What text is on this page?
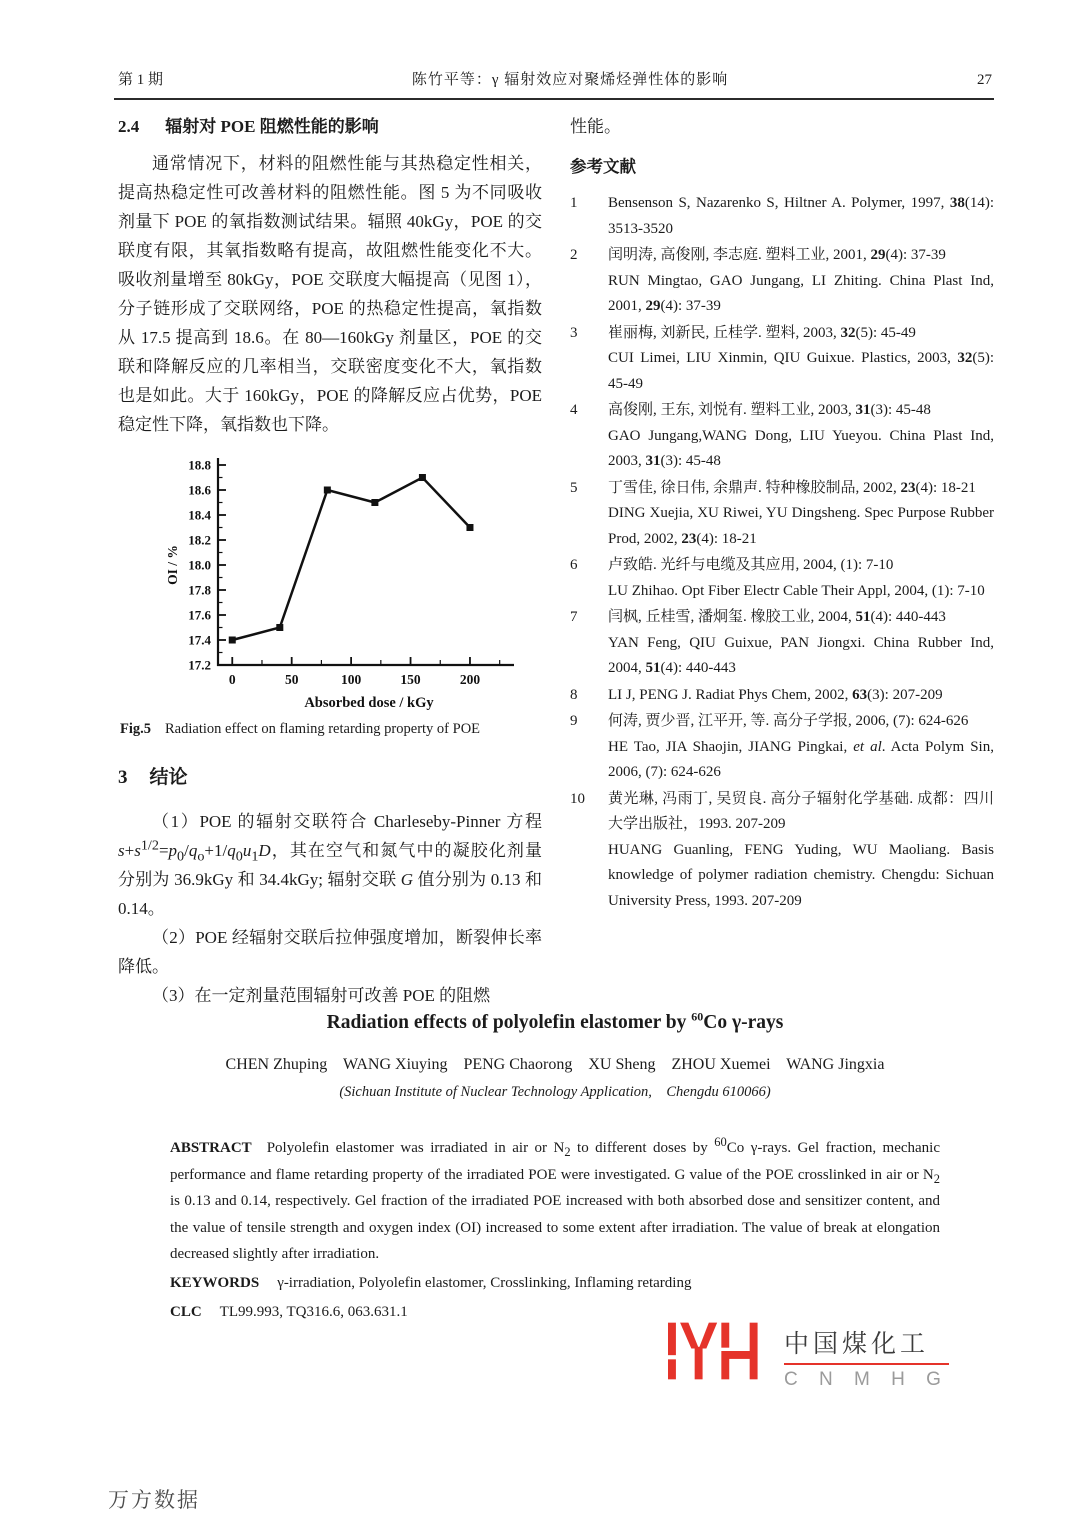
第 1 期	陈竹平等：γ 辐射效应对聚烯烃弹性体的影响	27
2.4 辐射对 POE 阻燃性能的影响

通常情况下，材料的阻燃性能与其热稳定性相关，提高热稳定性可改善材料的阻燃性能。图 5 为不同吸收剂量下 POE 的氧指数测试结果。辐照 40kGy，POE 的交联度有限，其氧指数略有提高，故阻燃性能变化不大。吸收剂量增至 80kGy，POE 交联度大幅提高（见图 1），分子链形成了交联网络，POE 的热稳定性提高，氧指数从 17.5 提高到 18.6。在 80—160kGy 剂量区，POE 的交联和降解反应的几率相当，交联密度变化不大，氧指数也是如此。大于 160kGy，POE 的降解反应占优势，POE 稳定性下降，氧指数也下降。

17.2
17.4
17.6
17.8
18.0
18.2
18.4
18.6
18.8
0	50	100	150	200
OI / %
Absorbed dose / kGy
Fig.5 Radiation effect on flaming retarding property of POE
3 结论

（1）POE 的辐射交联符合 Charleseby-Pinner 方程 $s+s^{1/2}=p_0/q_o+1/q_0u_1D$，其在空气和氮气中的凝胶化剂量分别为 36.9kGy 和 34.4kGy; 辐射交联 G 值分别为 0.13 和 0.14。

（2）POE 经辐射交联后拉伸强度增加，断裂伸长率降低。

（3）在一定剂量范围辐射可改善 POE 的阻燃

性能。

参考文献
1	Bensenson S, Nazarenko S, Hiltner A. Polymer, 1997, 38(14): 3513-3520
2	闰明涛, 高俊刚, 李志庭. 塑料工业, 2001, 29(4): 37-39
RUN Mingtao, GAO Jungang, LI Zhiting. China Plast Ind, 2001, 29(4): 37-39
3	崔丽梅, 刘新民, 丘桂学. 塑料, 2003, 32(5): 45-49
CUI Limei, LIU Xinmin, QIU Guixue. Plastics, 2003, 32(5): 45-49
4	高俊刚, 王东, 刘悦有. 塑料工业, 2003, 31(3): 45-48
GAO Jungang,WANG Dong, LIU Yueyou. China Plast Ind, 2003, 31(3): 45-48
5	丁雪佳, 徐日伟, 余鼎声. 特种橡胶制品, 2002, 23(4): 18-21
DING Xuejia, XU Riwei, YU Dingsheng. Spec Purpose Rubber Prod, 2002, 23(4): 18-21
6	卢致皓. 光纤与电缆及其应用, 2004, (1): 7-10
LU Zhihao. Opt Fiber Electr Cable Their Appl, 2004, (1): 7-10
7	闫枫, 丘桂雪, 潘炯玺. 橡胶工业, 2004, 51(4): 440-443
YAN Feng, QIU Guixue, PAN Jiongxi. China Rubber Ind, 2004, 51(4): 440-443
8	LI J, PENG J. Radiat Phys Chem, 2002, 63(3): 207-209
9	何涛, 贾少晋, 江平开, 等. 高分子学报, 2006, (7): 624-626
HE Tao, JIA Shaojin, JIANG Pingkai, et al. Acta Polym Sin, 2006, (7): 624-626
10	黄光琳, 冯雨丁, 吴贸良. 高分子辐射化学基础. 成都：四川大学出版社，1993. 207-209
HUANG Guanling, FENG Yuding, WU Maoliang. Basis knowledge of polymer radiation chemistry. Chengdu: Sichuan University Press, 1993. 207-209
Radiation effects of polyolefin elastomer by $^{60}$Co γ-rays
CHEN Zhuping    WANG Xiuying    PENG Chaorong    XU Sheng    ZHOU Xuemei    WANG Jingxia
(Sichuan Institute of Nuclear Technology Application,    Chengdu 610066)

ABSTRACT Polyolefin elastomer was irradiated in air or $N_2$ to different doses by $^{60}$Co γ-rays. Gel fraction, mechanic performance and flame retarding property of the irradiated POE were investigated. G value of the POE crosslinked in air or $N_2$ is 0.13 and 0.14, respectively. Gel fraction of the irradiated POE increased with both absorbed dose and sensitizer content, and the value of tensile strength and oxygen index (OI) increased to some extent after irradiation. The value of break at elongation decreased slightly after irradiation.

KEYWORDS γ-irradiation, Polyolefin elastomer, Crosslinking, Inflaming retarding
CLC TL99.993, TQ316.6, 063.631.1
中国煤化工
C N M H G
万方数据
